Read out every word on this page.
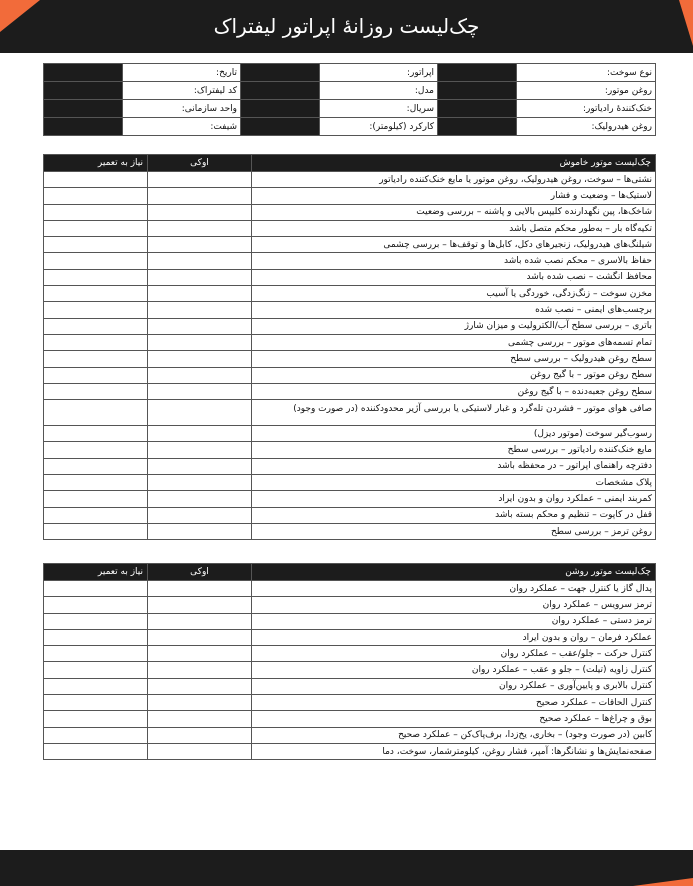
چک‌لیست روزانهٔ اپراتور لیفتراک
	تاریخ:		اپراتور:		نوع سوخت:
	کد لیفتراک:		مدل:		روغن موتور:
	واحد سازمانی:		سریال:		خنک‌کنندهٔ رادیاتور:
	شیفت:		کارکرد (کیلومتر):		روغن هیدرولیک:
نیاز به تعمیر	اوکی	چک‌لیست موتور خاموش
		نشتی‌ها – سوخت، روغن هیدرولیک، روغن موتور یا مایع خنک‌کننده رادیاتور
		لاستیک‌ها – وضعیت و فشار
		شاخک‌ها، پین نگهدارنده کلیپس بالایی و پاشنه – بررسی وضعیت
		تکیه‌گاه بار – به‌طور محکم متصل باشد
		شیلنگ‌های هیدرولیک، زنجیرهای دکل، کابل‌ها و توقف‌ها – بررسی چشمی
		حفاظ بالاسری – محکم نصب شده باشد
		محافظ انگشت – نصب شده باشد
		مخزن سوخت – زنگ‌زدگی، خوردگی یا آسیب
		برچسب‌های ایمنی – نصب شده
		باتری – بررسی سطح آب/الکترولیت و میزان شارژ
		تمام تسمه‌های موتور – بررسی چشمی
		سطح روغن هیدرولیک – بررسی سطح
		سطح روغن موتور – با گیج روغن
		سطح روغن جعبه‌دنده – با گیج روغن
		صافی هوای موتور – فشردن تله‌گرد و غبار لاستیکی یا بررسی آژیر محدودکننده (در صورت وجود)
		رسوب‌گیر سوخت (موتور دیزل)
		مایع خنک‌کننده رادیاتور – بررسی سطح
		دفترچه راهنمای اپراتور – در محفظه باشد
		پلاک مشخصات
		کمربند ایمنی – عملکرد روان و بدون ایراد
		قفل در کاپوت – تنظیم و محکم بسته باشد
		روغن ترمز – بررسی سطح
نیاز به تعمیر	اوکی	چک‌لیست موتور روشن
		پدال گاز یا کنترل جهت – عملکرد روان
		ترمز سرویس – عملکرد روان
		ترمز دستی – عملکرد روان
		عملکرد فرمان – روان و بدون ایراد
		کنترل حرکت – جلو/عقب – عملکرد روان
		کنترل زاویه (تیلت) – جلو و عقب – عملکرد روان
		کنترل بالابری و پایین‌آوری – عملکرد روان
		کنترل الحاقات – عملکرد صحیح
		بوق و چراغ‌ها – عملکرد صحیح
		کابین (در صورت وجود) – بخاری، یخ‌زدا، برف‌پاک‌کن – عملکرد صحیح
		صفحه‌نمایش‌ها و نشانگرها: آمپر، فشار روغن، کیلومترشمار، سوخت، دما
